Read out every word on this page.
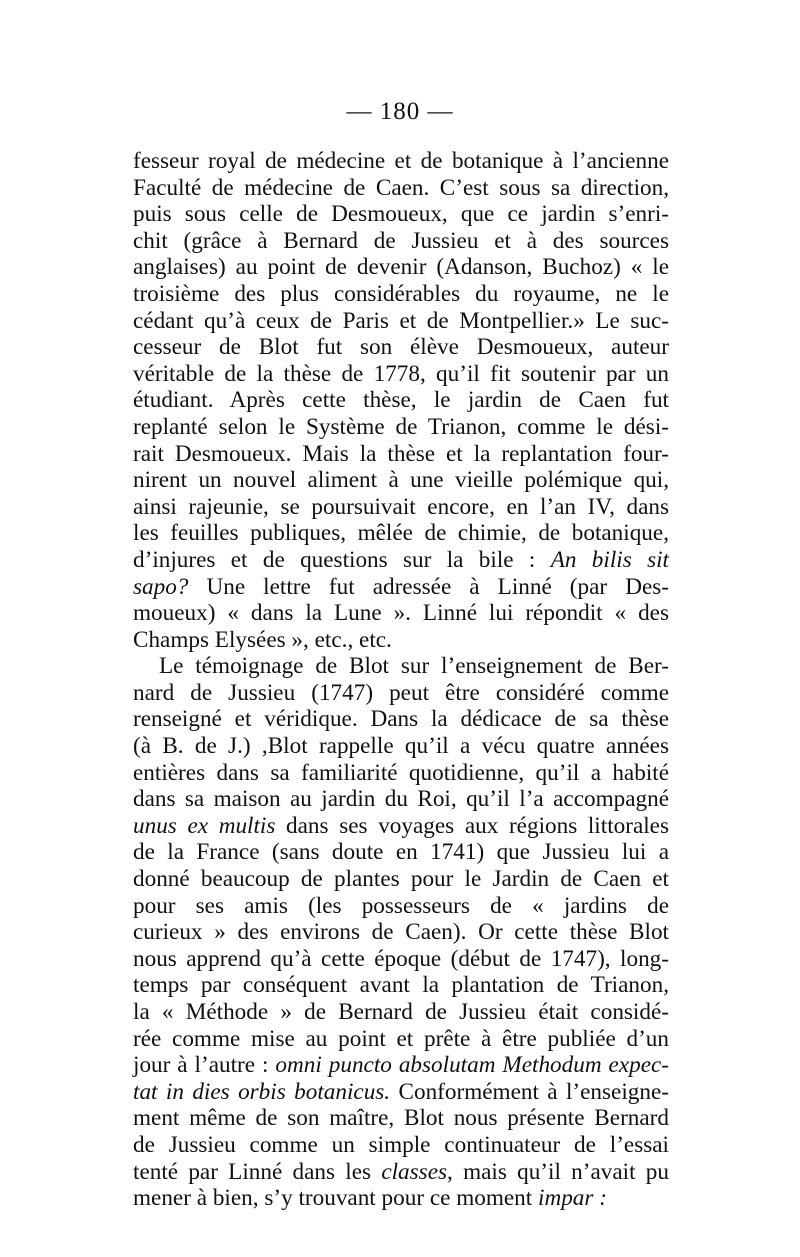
— 180 —
fesseur royal de médecine et de botanique à l’ancienne
Faculté de médecine de Caen. C’est sous sa direction,
puis sous celle de Desmoueux, que ce jardin s’enri-
chit (grâce à Bernard de Jussieu et à des sources
anglaises) au point de devenir (Adanson, Buchoz) « le
troisième des plus considérables du royaume, ne le
cédant qu’à ceux de Paris et de Montpellier.» Le suc-
cesseur de Blot fut son élève Desmoueux, auteur
véritable de la thèse de 1778, qu’il fit soutenir par un
étudiant. Après cette thèse, le jardin de Caen fut
replanté selon le Système de Trianon, comme le dési-
rait Desmoueux. Mais la thèse et la replantation four-
nirent un nouvel aliment à une vieille polémique qui,
ainsi rajeunie, se poursuivait encore, en l’an IV, dans
les feuilles publiques, mêlée de chimie, de botanique,
d’injures et de questions sur la bile : An bilis sit
sapo? Une lettre fut adressée à Linné (par Des-
moueux) « dans la Lune ». Linné lui répondit « des
Champs Elysées », etc., etc.
Le témoignage de Blot sur l’enseignement de Ber-
nard de Jussieu (1747) peut être considéré comme
renseigné et véridique. Dans la dédicace de sa thèse
(à B. de J.) ,Blot rappelle qu’il a vécu quatre années
entières dans sa familiarité quotidienne, qu’il a habité
dans sa maison au jardin du Roi, qu’il l’a accompagné
unus ex multis dans ses voyages aux régions littorales
de la France (sans doute en 1741) que Jussieu lui a
donné beaucoup de plantes pour le Jardin de Caen et
pour ses amis (les possesseurs de « jardins de
curieux » des environs de Caen). Or cette thèse Blot
nous apprend qu’à cette époque (début de 1747), long-
temps par conséquent avant la plantation de Trianon,
la « Méthode » de Bernard de Jussieu était considé-
rée comme mise au point et prête à être publiée d’un
jour à l’autre : omni puncto absolutam Methodum expec-
tat in dies orbis botanicus. Conformément à l’enseigne-
ment même de son maître, Blot nous présente Bernard
de Jussieu comme un simple continuateur de l’essai
tenté par Linné dans les classes, mais qu’il n’avait pu
mener à bien, s’y trouvant pour ce moment impar :
